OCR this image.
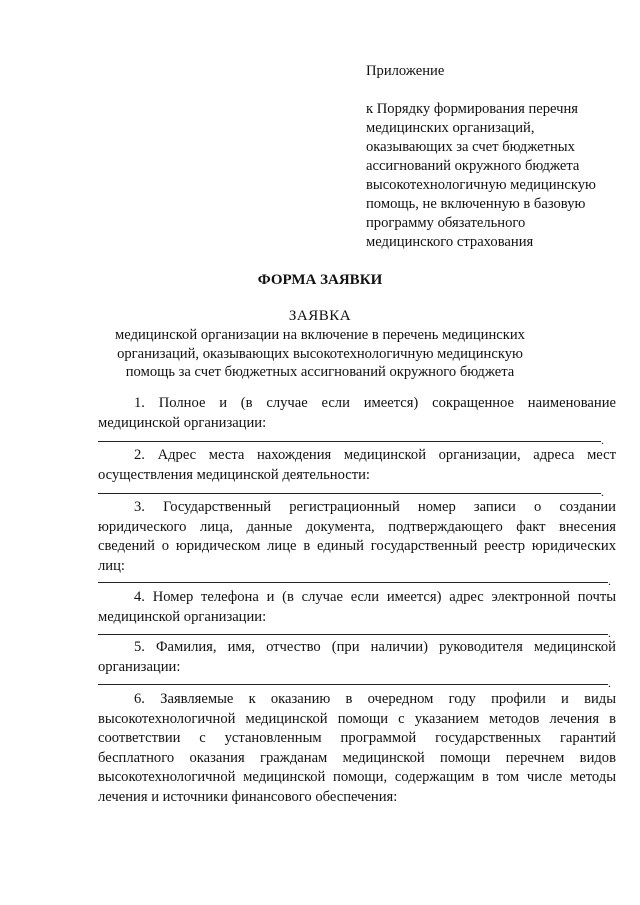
Приложение
к Порядку формирования перечня
медицинских организаций,
оказывающих за счет бюджетных
ассигнований окружного бюджета
высокотехнологичную медицинскую
помощь, не включенную в базовую
программу обязательного
медицинского страхования
ФОРМА ЗАЯВКИ
ЗАЯВКА
медицинской организации на включение в перечень медицинских
организаций, оказывающих высокотехнологичную медицинскую
помощь за счет бюджетных ассигнований окружного бюджета
1. Полное и (в случае если имеется) сокращенное наименование
медицинской организации:
.
2. Адрес места нахождения медицинской организации, адреса мест
осуществления медицинской деятельности:
.
3. Государственный регистрационный номер записи о создании
юридического лица, данные документа, подтверждающего факт внесения
сведений о юридическом лице в единый государственный реестр юридических
лиц:
.
4. Номер телефона и (в случае если имеется) адрес электронной почты
медицинской организации:
.
5. Фамилия, имя, отчество (при наличии) руководителя медицинской
организации:
.
6. Заявляемые к оказанию в очередном году профили и виды
высокотехнологичной медицинской помощи с указанием методов лечения в
соответствии с установленным программой государственных гарантий
бесплатного оказания гражданам медицинской помощи перечнем видов
высокотехнологичной медицинской помощи, содержащим в том числе методы
лечения и источники финансового обеспечения:
